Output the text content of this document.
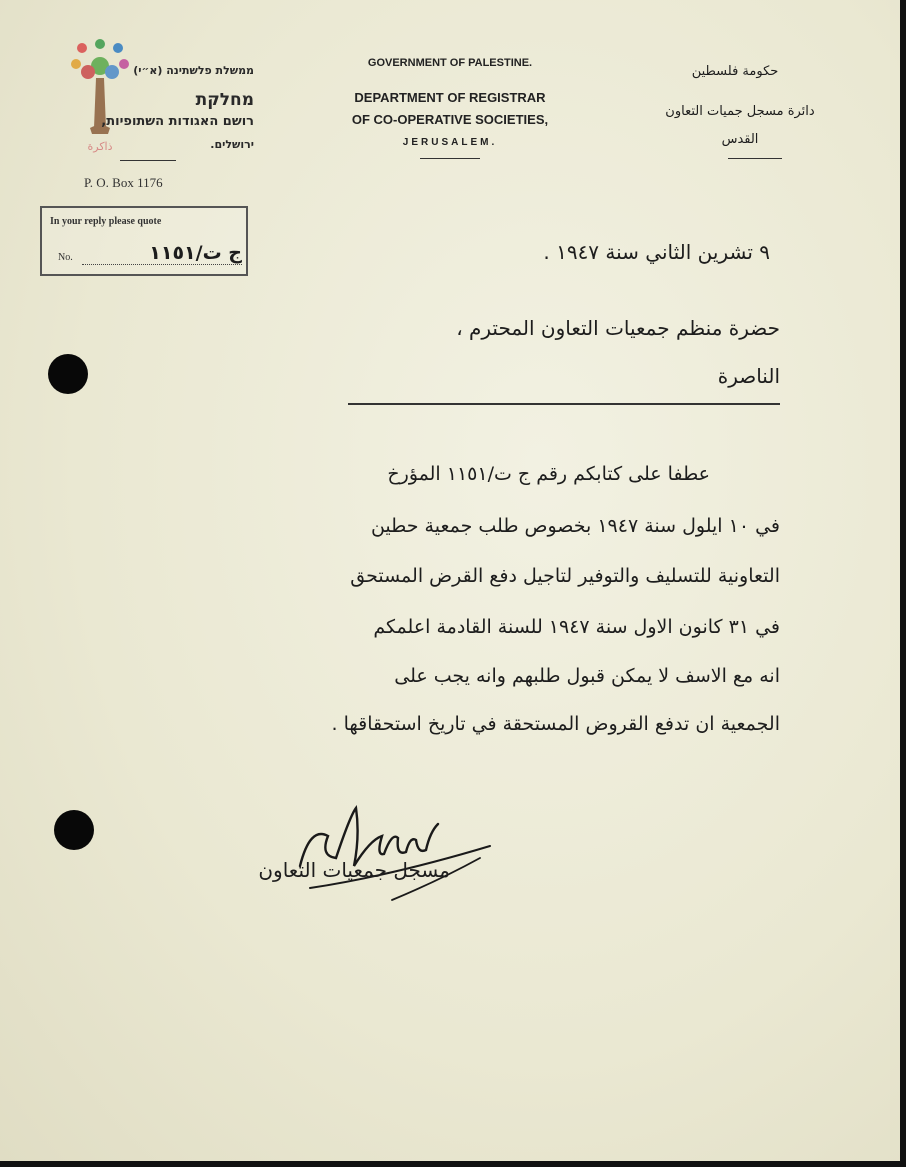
ﺫﺍﻛﺮﺓ
ממשלת פלשתינה (א״י)
מחלקת
רושם האגודות השתופיות,
ירושלים.
P. O. Box 1176
GOVERNMENT OF PALESTINE.
DEPARTMENT OF REGISTRAR
OF CO-OPERATIVE SOCIETIES,
JERUSALEM.
حكومة فلسطين
دائرة مسجل جميات التعاون
القدس
In your reply please quote
No.	ج ت/١١٥١	٩ تشرين الثاني سنة ١٩٤٧ .
حضرة منظم جمعيات التعاون المحترم ،
الناصرة
عطفا على كتابكم رقم ج ت/١١٥١ المؤرخ
في ١٠ ايلول سنة ١٩٤٧ بخصوص طلب جمعية حطين
التعاونية للتسليف والتوفير لتاجيل دفع القرض المستحق
في ٣١ كانون الاول سنة ١٩٤٧ للسنة القادمة اعلمكم
انه مع الاسف لا يمكن قبول طلبهم وانه يجب على
الجمعية ان تدفع القروض المستحقة في تاريخ استحقاقها .
مسجل جمعيات التعاون
